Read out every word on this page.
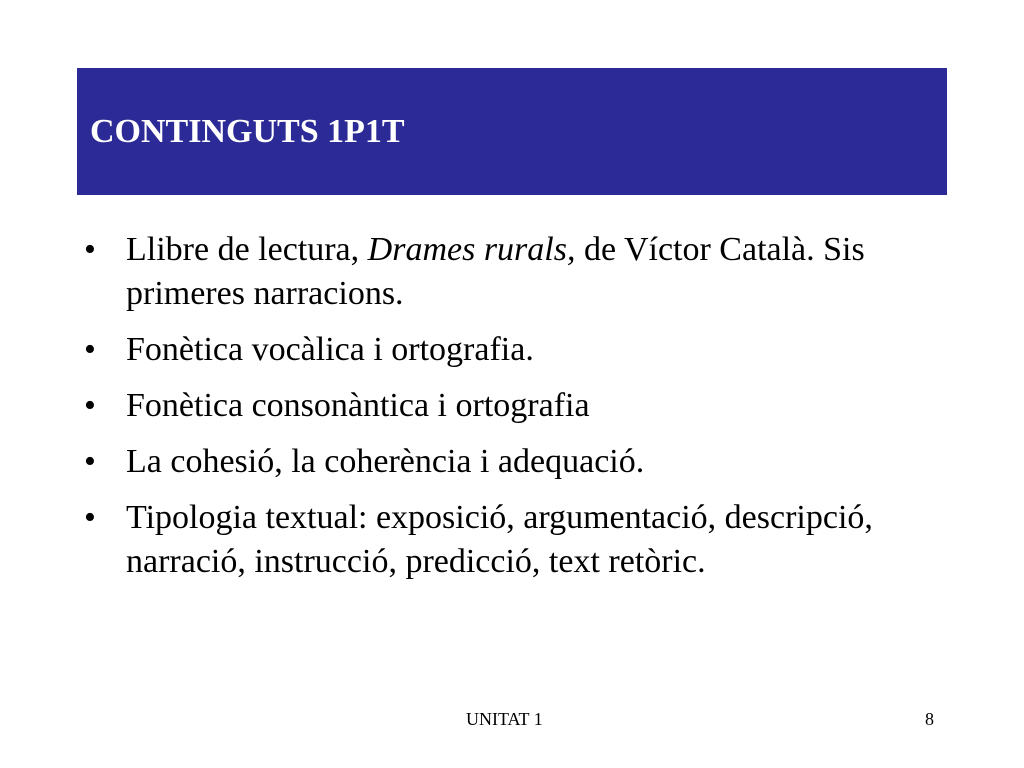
CONTINGUTS 1P1T
• Llibre de lectura, Drames rurals, de Víctor Català. Sis primeres narracions.
• Fonètica vocàlica i ortografia.
• Fonètica consonàntica i ortografia
• La cohesió, la coherència i adequació.
• Tipologia textual: exposició, argumentació, descripció, narració, instrucció, predicció, text retòric.
UNITAT 1	8
